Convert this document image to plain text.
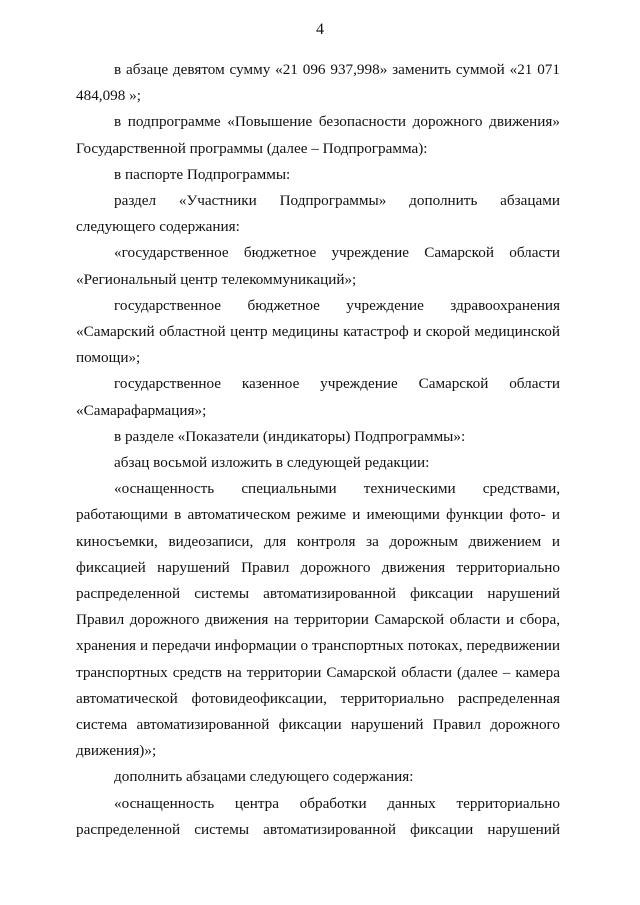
4

в абзаце девятом сумму «21 096 937,998» заменить суммой «21 071 484,098 »;

в подпрограмме «Повышение безопасности дорожного движения» Государственной программы (далее – Подпрограмма):

в паспорте Подпрограммы:

раздел «Участники Подпрограммы» дополнить абзацами следующего содержания:

«государственное бюджетное учреждение Самарской области «Региональный центр телекоммуникаций»;

государственное бюджетное учреждение здравоохранения «Самарский областной центр медицины катастроф и скорой медицинской помощи»;

государственное казенное учреждение Самарской области «Самарафармация»;

в разделе «Показатели (индикаторы) Подпрограммы»:

абзац восьмой изложить в следующей редакции:

«оснащенность специальными техническими средствами, работающими в автоматическом режиме и имеющими функции фото- и киносъемки, видеозаписи, для контроля за дорожным движением и фиксацией нарушений Правил дорожного движения территориально распределенной системы автоматизированной фиксации нарушений Правил дорожного движения на территории Самарской области и сбора, хранения и передачи информации о транспортных потоках, передвижении транспортных средств на территории Самарской области (далее – камера автоматической фотовидеофиксации, территориально распределенная система автоматизированной фиксации нарушений Правил дорожного движения)»;

дополнить абзацами следующего содержания:

«оснащенность центра обработки данных территориально распределенной системы автоматизированной фиксации нарушений
